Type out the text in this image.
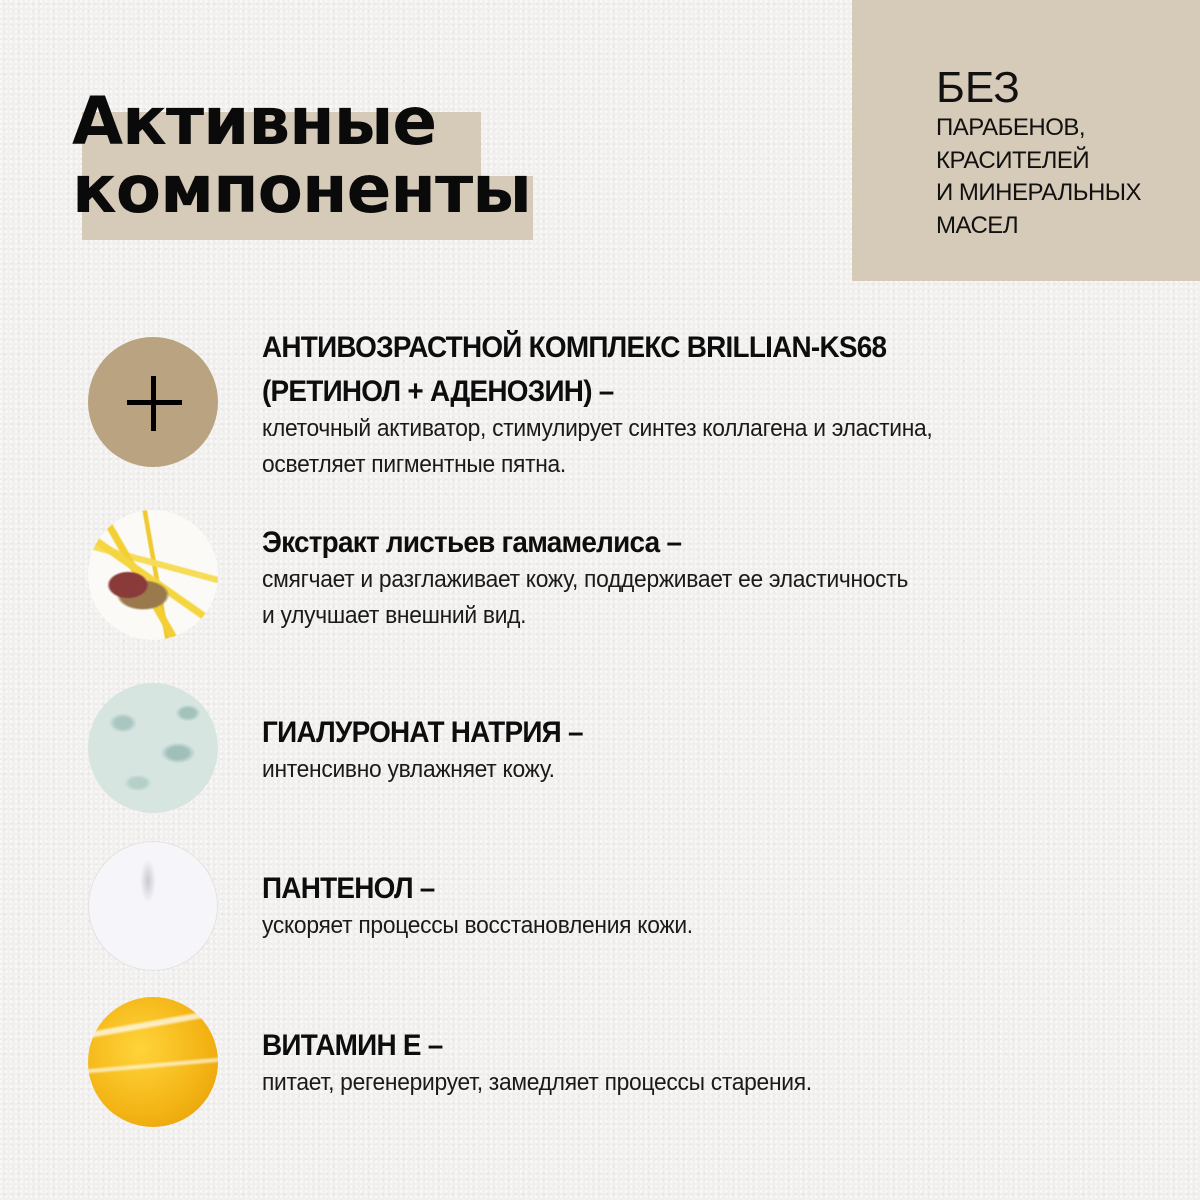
Активные
компоненты
БЕЗ
ПАРАБЕНОВ,
КРАСИТЕЛЕЙ
И МИНЕРАЛЬНЫХ
МАСЕЛ
АНТИВОЗРАСТНОЙ КОМПЛЕКС BRILLIAN-KS68
(РЕТИНОЛ + АДЕНОЗИН) –

клеточный активатор, стимулирует синтез коллагена и эластина,
осветляет пигментные пятна.

Экстракт листьев гамамелиса –

смягчает и разглаживает кожу, поддерживает ее эластичность
и улучшает внешний вид.

ГИАЛУРОНАТ НАТРИЯ –

интенсивно увлажняет кожу.

ПАНТЕНОЛ –

ускоряет процессы восстановления кожи.

ВИТАМИН Е –

питает, регенерирует, замедляет процессы старения.
